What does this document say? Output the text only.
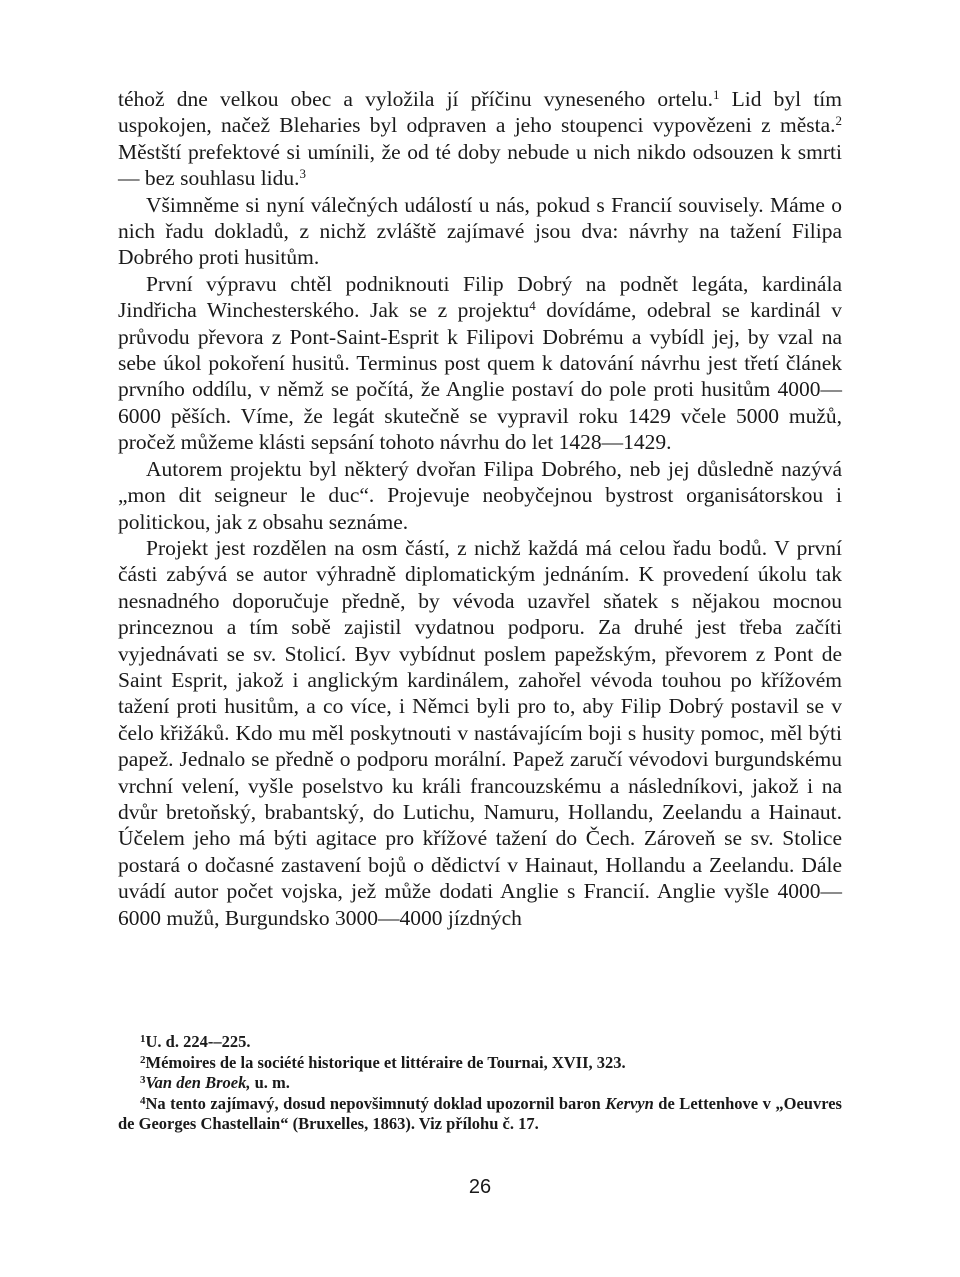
téhož dne velkou obec a vyložila jí příčinu vyneseného ortelu.$^1$ Lid byl tím uspokojen, načež Bleharies byl odpraven a jeho stoupenci vypovězeni z města.$^2$ Městští prefektové si umínili, že od té doby nebude u nich nikdo odsouzen k smrti — bez souhlasu lidu.$^3$

Všimněme si nyní válečných událostí u nás, pokud s Francií souvisely. Máme o nich řadu dokladů, z nichž zvláště zajímavé jsou dva: návrhy na tažení Filipa Dobrého proti husitům.

První výpravu chtěl podniknouti Filip Dobrý na podnět legáta, kardinála Jindřicha Winchesterského. Jak se z projektu$^4$ dovídáme, odebral se kardinál v průvodu převora z Pont-Saint-Esprit k Filipovi Dobrému a vybídl jej, by vzal na sebe úkol pokoření husitů. Terminus post quem k datování návrhu jest třetí článek prvního oddílu, v němž se počítá, že Anglie postaví do pole proti husitům 4000—6000 pěších. Víme, že legát skutečně se vypravil roku 1429 včele 5000 mužů, pročež můžeme klásti sepsání tohoto návrhu do let 1428—1429.

Autorem projektu byl některý dvořan Filipa Dobrého, neb jej důsledně nazývá „mon dit seigneur le duc“. Projevuje neobyčejnou bystrost organisátorskou i politickou, jak z obsahu seznáme.

Projekt jest rozdělen na osm částí, z nichž každá má celou řadu bodů. V první části zabývá se autor výhradně diplomatickým jednáním. K provedení úkolu tak nesnadného doporučuje předně, by vévoda uzavřel sňatek s nějakou mocnou princeznou a tím sobě zajistil vydatnou podporu. Za druhé jest třeba začíti vyjednávati se sv. Stolicí. Byv vybídnut poslem papežským, převorem z Pont de Saint Esprit, jakož i anglickým kardinálem, zahořel vévoda touhou po křížovém tažení proti husitům, a co více, i Němci byli pro to, aby Filip Dobrý postavil se v čelo křižáků. Kdo mu měl poskytnouti v nastávajícím boji s husity pomoc, měl býti papež. Jednalo se předně o podporu morální. Papež zaručí vévodovi burgundskému vrchní velení, vyšle poselstvo ku králi francouzskému a následníkovi, jakož i na dvůr bretoňský, brabantský, do Lutichu, Namuru, Hollandu, Zeelandu a Hainaut. Účelem jeho má býti agitace pro křížové tažení do Čech. Zároveň se sv. Stolice postará o dočasné zastavení bojů o dědictví v Hainaut, Hollandu a Zeelandu. Dále uvádí autor počet vojska, jež může dodati Anglie s Francií. Anglie vyšle 4000—6000 mužů, Burgundsko 3000—4000 jízdných

$^1$U. d. 224-–225.

$^2$Mémoires de la société historique et littéraire de Tournai, XVII, 323.

$^3$Van den Broek, u. m.

$^4$Na tento zajímavý, dosud nepovšimnutý doklad upozornil baron Kervyn de Lettenhove v „Oeuvres de Georges Chastellain“ (Bruxelles, 1863). Viz přílohu č. 17.

26
